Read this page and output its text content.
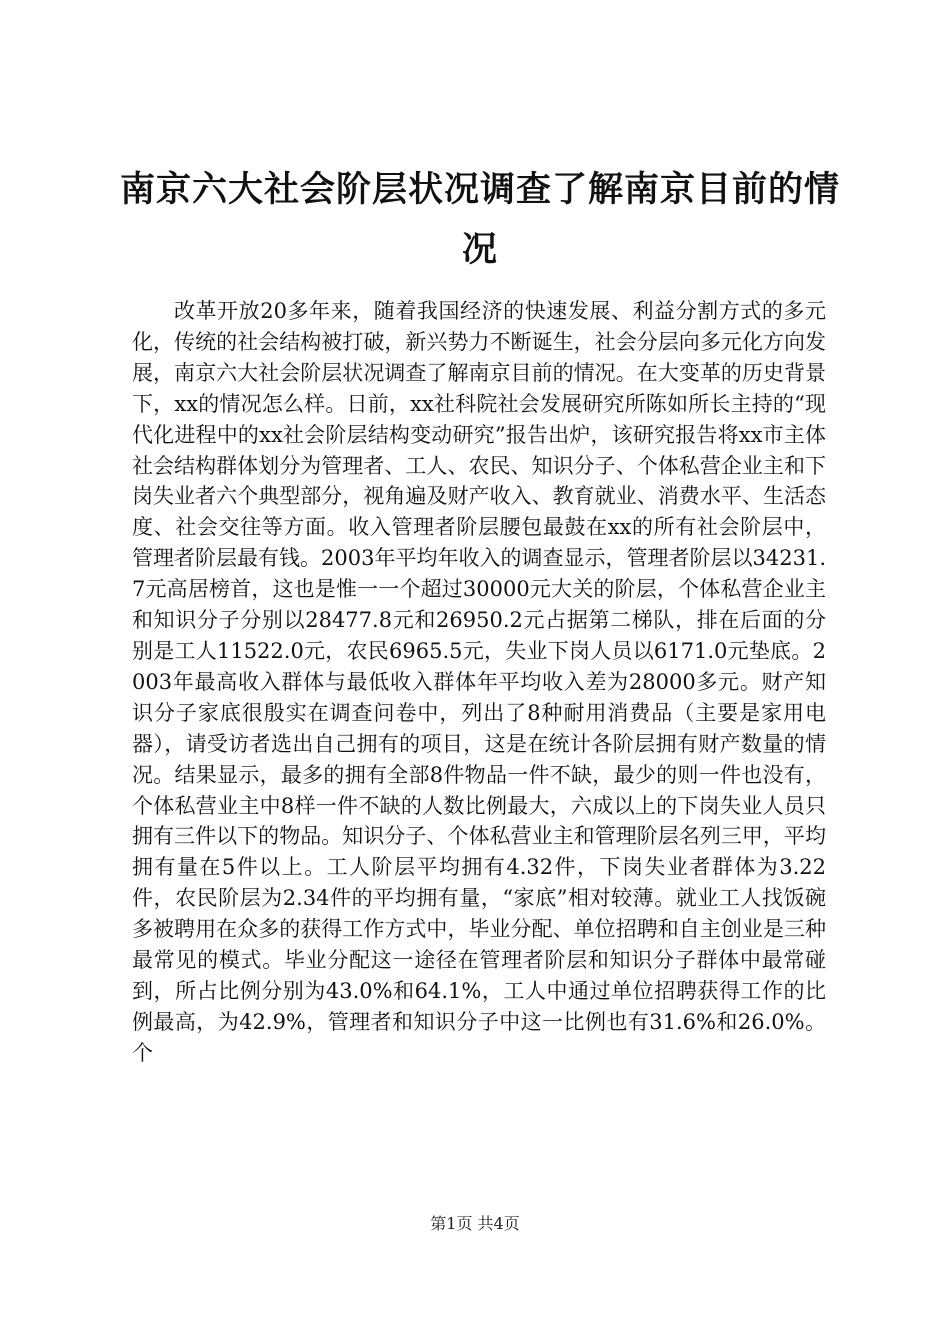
南京六大社会阶层状况调查了解南京目前的情况

改革开放20多年来，随着我国经济的快速发展、利益分割方式的多元化，传统的社会结构被打破，新兴势力不断诞生，社会分层向多元化方向发展，南京六大社会阶层状况调查了解南京目前的情况。在大变革的历史背景下，xx的情况怎么样。日前，xx社科院社会发展研究所陈如所长主持的“现代化进程中的xx社会阶层结构变动研究”报告出炉，该研究报告将xx市主体社会结构群体划分为管理者、工人、农民、知识分子、个体私营企业主和下岗失业者六个典型部分，视角遍及财产收入、教育就业、消费水平、生活态度、社会交往等方面。收入管理者阶层腰包最鼓在xx的所有社会阶层中，管理者阶层最有钱。2003年平均年收入的调查显示，管理者阶层以34231.7元高居榜首，这也是惟一一个超过30000元大关的阶层，个体私营企业主和知识分子分别以28477.8元和26950.2元占据第二梯队，排在后面的分别是工人11522.0元，农民6965.5元，失业下岗人员以6171.0元垫底。2003年最高收入群体与最低收入群体年平均收入差为28000多元。财产知识分子家底很殷实在调查问卷中，列出了8种耐用消费品（主要是家用电器），请受访者选出自己拥有的项目，这是在统计各阶层拥有财产数量的情况。结果显示，最多的拥有全部8件物品一件不缺，最少的则一件也没有，个体私营业主中8样一件不缺的人数比例最大，六成以上的下岗失业人员只拥有三件以下的物品。知识分子、个体私营业主和管理阶层名列三甲，平均拥有量在5件以上。工人阶层平均拥有4.32件，下岗失业者群体为3.22件，农民阶层为2.34件的平均拥有量，“家底”相对较薄。就业工人找饭碗多被聘用在众多的获得工作方式中，毕业分配、单位招聘和自主创业是三种最常见的模式。毕业分配这一途径在管理者阶层和知识分子群体中最常碰到，所占比例分别为43.0%和64.1%，工人中通过单位招聘获得工作的比例最高，为42.9%，管理者和知识分子中这一比例也有31.6%和26.0%。个

第1页 共4页
